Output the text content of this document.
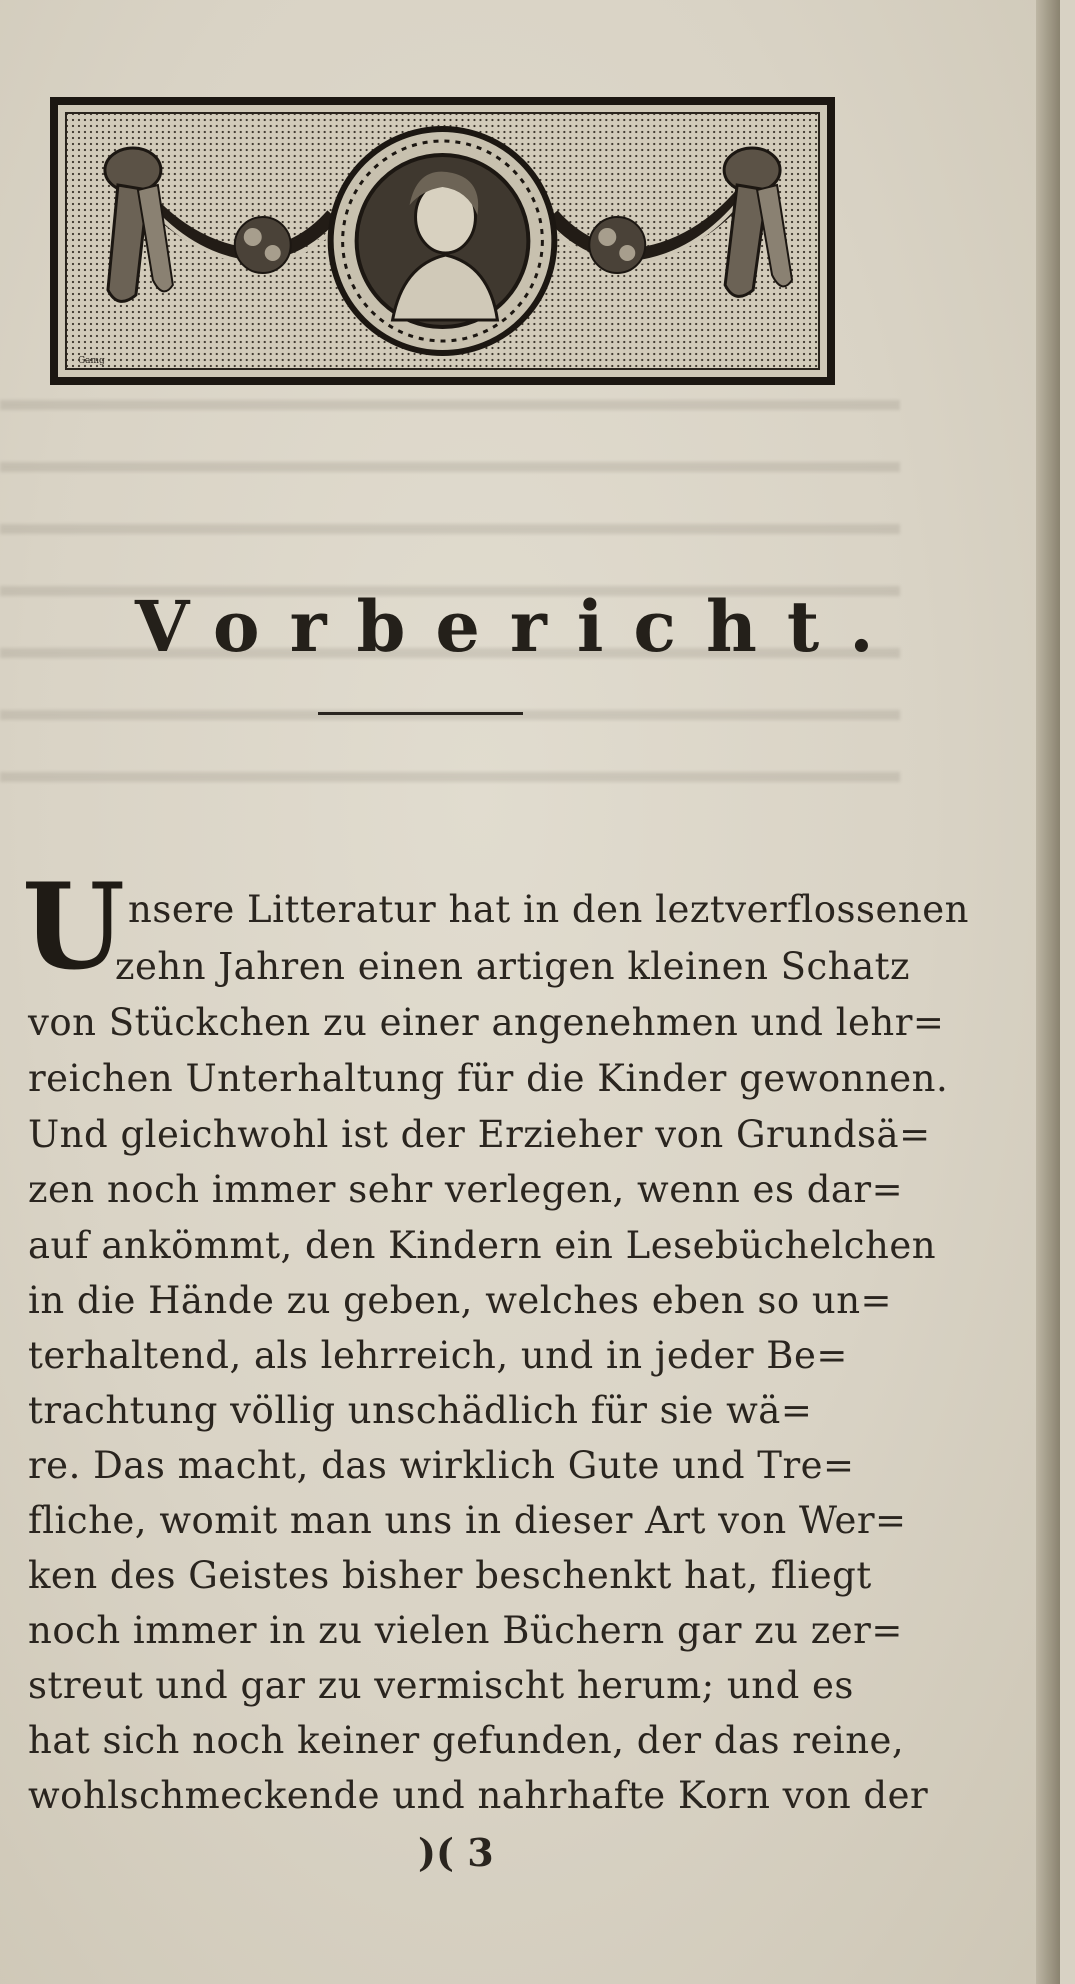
Gamg
Vorbericht.
U nsere Litteratur hat in den leztverflossenen
zehn Jahren einen artigen kleinen Schatz
von Stückchen zu einer angenehmen und lehr=
reichen Unterhaltung für die Kinder gewonnen.
Und gleichwohl ist der Erzieher von Grundsä=
zen noch immer sehr verlegen, wenn es dar=
auf ankömmt, den Kindern ein Lesebüchelchen
in die Hände zu geben, welches eben so un=
terhaltend, als lehrreich, und in jeder Be=
trachtung völlig unschädlich für sie wä=
re. Das macht, das wirklich Gute und Tre=
fliche, womit man uns in dieser Art von Wer=
ken des Geistes bisher beschenkt hat, fliegt
noch immer in zu vielen Büchern gar zu zer=
streut und gar zu vermischt herum; und es
hat sich noch keiner gefunden, der das reine,
wohlschmeckende und nahrhafte Korn von der
)( 3
